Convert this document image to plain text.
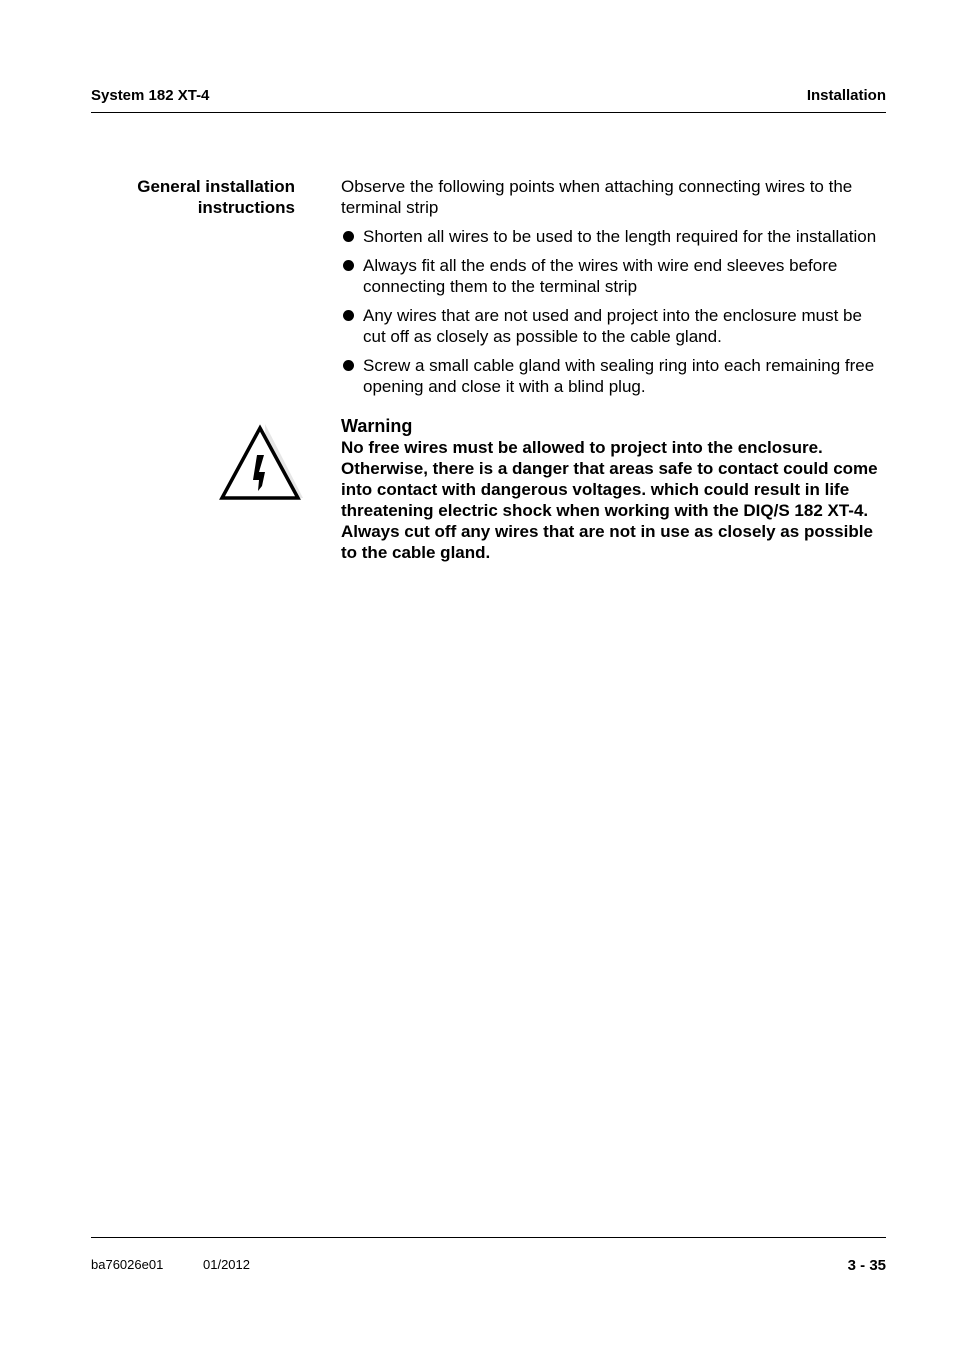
System 182 XT-4	Installation
General installation
instructions

Observe the following points when attaching connecting wires to the terminal strip

Shorten all wires to be used to the length required for the installation
Always fit all the ends of the wires with wire end sleeves before connecting them to the terminal strip
Any wires that are not used and project into the enclosure must be cut off as closely as possible to the cable gland.
Screw a small cable gland with sealing ring into each remaining free opening and close it with a blind plug.
Warning
No free wires must be allowed to project into the enclosure. Otherwise, there is a danger that areas safe to contact could come into contact with dangerous voltages. which could result in life threatening electric shock when working with the DIQ/S 182 XT-4. Always cut off any wires that are not in use as closely as possible to the cable gland.
ba76026e01	01/2012	3 - 35
